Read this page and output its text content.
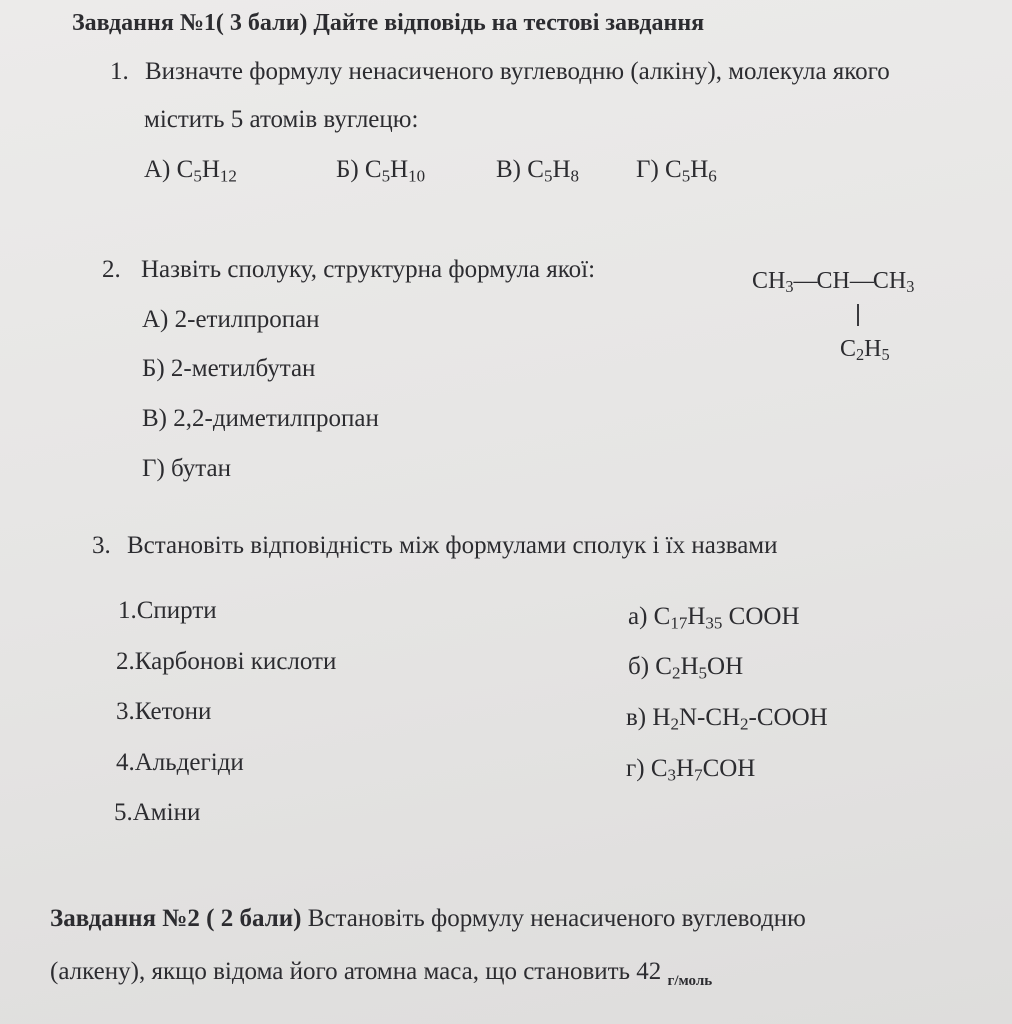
Завдання №1( 3 бали) Дайте відповідь на тестові завдання
1. Визначте формулу ненасиченого вуглеводню (алкіну), молекула якого
містить 5 атомів вуглецю:
А) $C_5H_{12}$	Б) $C_5H_{10}$	В) $C_5H_8$ Г) $C_5H_6$
2. Назвіть сполуку, структурна формула якої:	$CH_3—CH—CH_3$
$C_2H_5$
А) 2-етилпропан
Б) 2-метилбутан
В) 2,2-диметилпропан
Г) бутан
3. Встановіть відповідність між формулами сполук і їх назвами
1.Спирти
2.Карбонові кислоти
3.Кетони
4.Альдегіди
5.Аміни
а) $C_{17}H_{35}$ COOH
б) $C_2H_5OH$
в) $H_2N-CH_2$-COOH
г) $C_3H_7COH$
Завдання №2 ( 2 бали) Встановіть формулу ненасиченого вуглеводню
(алкену), якщо відома його атомна маса, що становить 42 $_{г/моль}$
